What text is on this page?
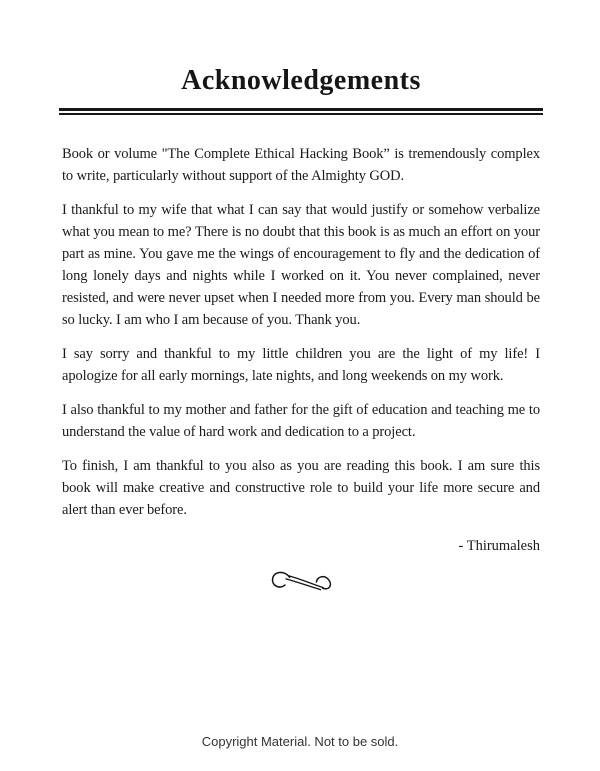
Acknowledgements

Book or volume "The Complete Ethical Hacking Book” is tremendously complex to write, particularly without support of the Almighty GOD.

I thankful to my wife that what I can say that would justify or somehow verbalize what you mean to me? There is no doubt that this book is as much an effort on your part as mine. You gave me the wings of encouragement to fly and the dedication of long lonely days and nights while I worked on it. You never complained, never resisted, and were never upset when I needed more from you. Every man should be so lucky. I am who I am because of you. Thank you.

I say sorry and thankful to my little children you are the light of my life! I apologize for all early mornings, late nights, and long weekends on my work.

I also thankful to my mother and father for the gift of education and teaching me to understand the value of hard work and dedication to a project.

To finish, I am thankful to you also as you are reading this book. I am sure this book will make creative and constructive role to build your life more secure and alert than ever before.

- Thirumalesh
Copyright Material. Not to be sold.
